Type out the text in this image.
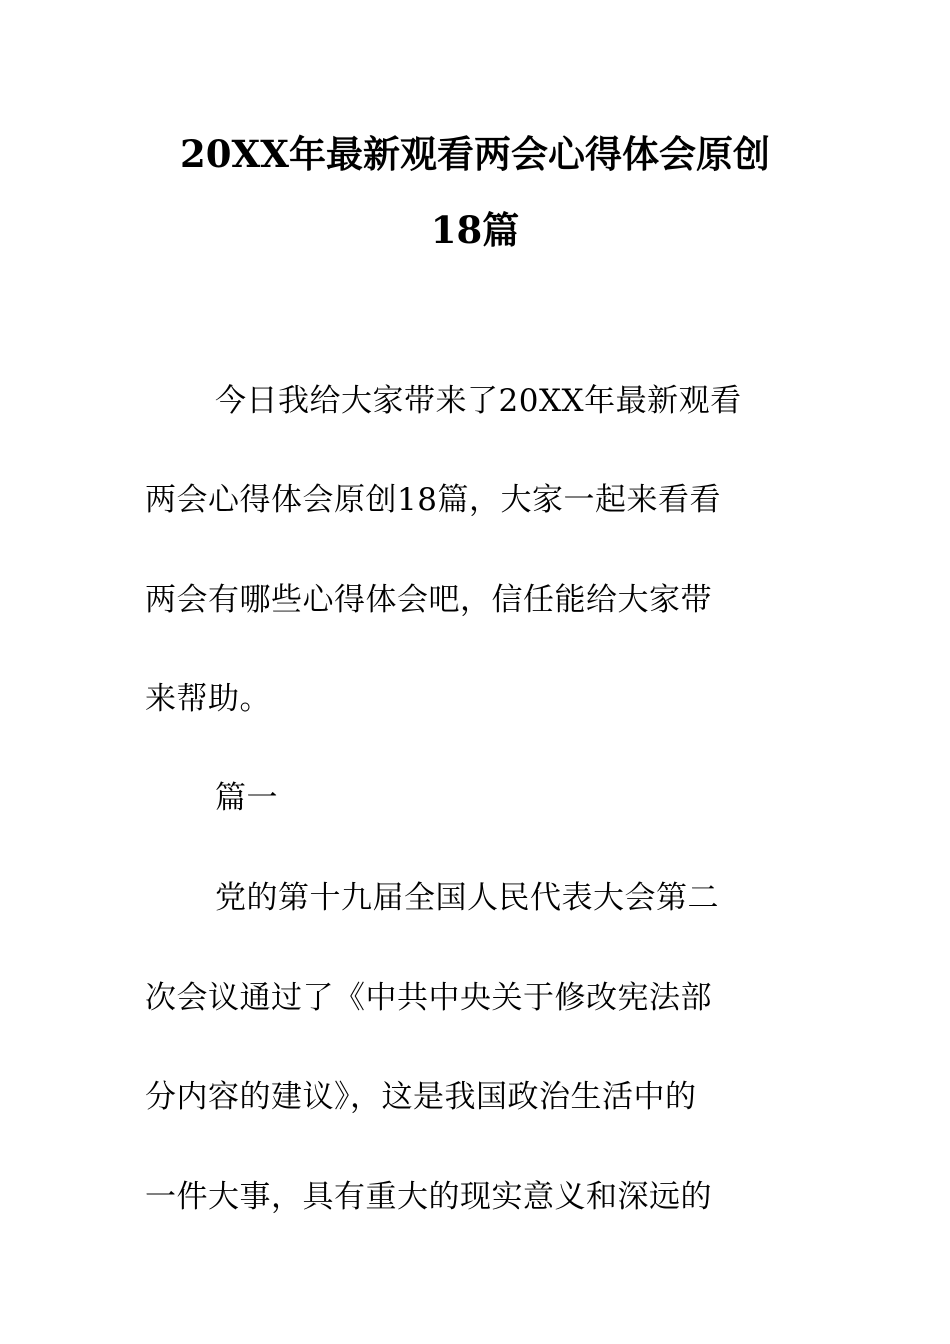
20XX年最新观看两会心得体会原创
18篇
今日我给大家带来了20XX年最新观看
两会心得体会原创18篇，大家一起来看看
两会有哪些心得体会吧，信任能给大家带
来帮助。
篇一
党的第十九届全国人民代表大会第二
次会议通过了《中共中央关于修改宪法部
分内容的建议》，这是我国政治生活中的
一件大事，具有重大的现实意义和深远的
